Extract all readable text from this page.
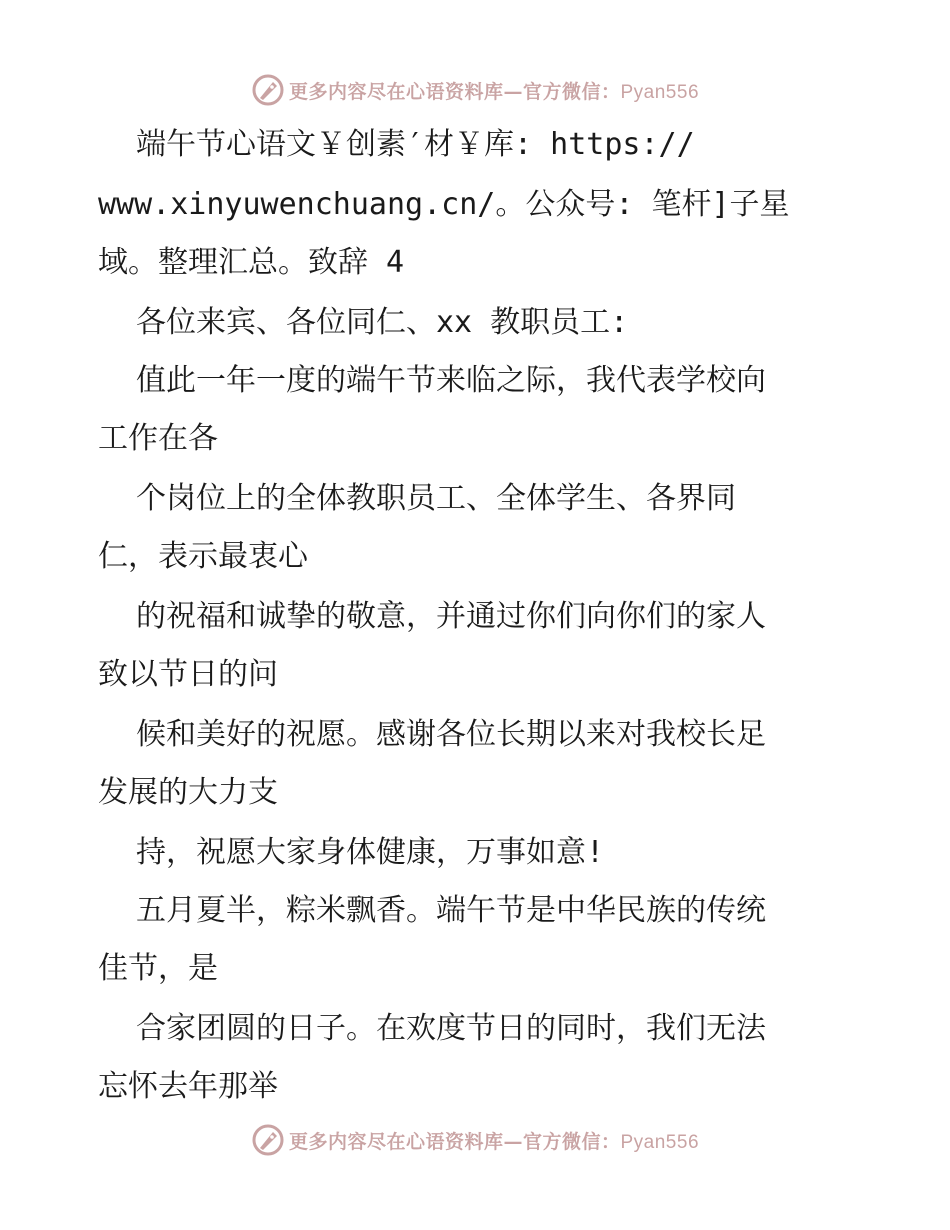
更多内容尽在心语资料库—官方微信：Pyan556
端午节心语文￥创素′材￥库: https://
www.xinyuwenchuang.cn/。公众号: 笔杆]子星
域。整理汇总。致辞 4
各位来宾、各位同仁、xx 教职员工:
值此一年一度的端午节来临之际，我代表学校向
工作在各
个岗位上的全体教职员工、全体学生、各界同
仁，表示最衷心
的祝福和诚挚的敬意，并通过你们向你们的家人
致以节日的问
候和美好的祝愿。感谢各位长期以来对我校长足
发展的大力支
持，祝愿大家身体健康，万事如意!
五月夏半，粽米飘香。端午节是中华民族的传统
佳节，是
合家团圆的日子。在欢度节日的同时，我们无法
忘怀去年那举
更多内容尽在心语资料库—官方微信：Pyan556
